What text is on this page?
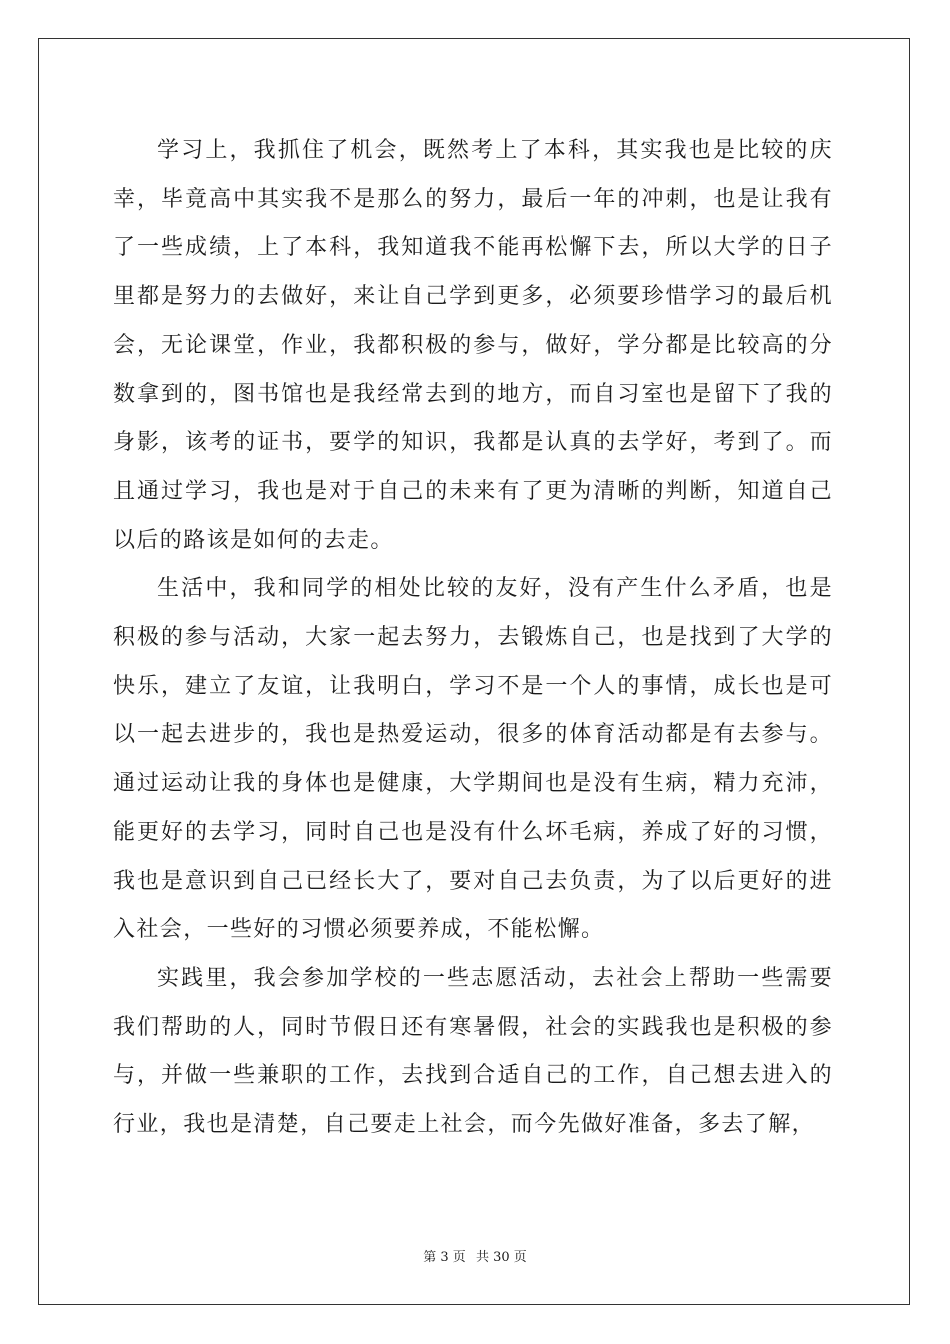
学习上，我抓住了机会，既然考上了本科，其实我也是比较的庆幸，毕竟高中其实我不是那么的努力，最后一年的冲刺，也是让我有了一些成绩，上了本科，我知道我不能再松懈下去，所以大学的日子里都是努力的去做好，来让自己学到更多，必须要珍惜学习的最后机会，无论课堂，作业，我都积极的参与，做好，学分都是比较高的分数拿到的，图书馆也是我经常去到的地方，而自习室也是留下了我的身影，该考的证书，要学的知识，我都是认真的去学好，考到了。而且通过学习，我也是对于自己的未来有了更为清晰的判断，知道自己以后的路该是如何的去走。

生活中，我和同学的相处比较的友好，没有产生什么矛盾，也是积极的参与活动，大家一起去努力，去锻炼自己，也是找到了大学的快乐，建立了友谊，让我明白，学习不是一个人的事情，成长也是可以一起去进步的，我也是热爱运动，很多的体育活动都是有去参与。通过运动让我的身体也是健康，大学期间也是没有生病，精力充沛，能更好的去学习，同时自己也是没有什么坏毛病，养成了好的习惯，我也是意识到自己已经长大了，要对自己去负责，为了以后更好的进入社会，一些好的习惯必须要养成，不能松懈。

实践里，我会参加学校的一些志愿活动，去社会上帮助一些需要我们帮助的人，同时节假日还有寒暑假，社会的实践我也是积极的参与，并做一些兼职的工作，去找到合适自己的工作，自己想去进入的行业，我也是清楚，自己要走上社会，而今先做好准备，多去了解，

第 3 页 共 30 页
